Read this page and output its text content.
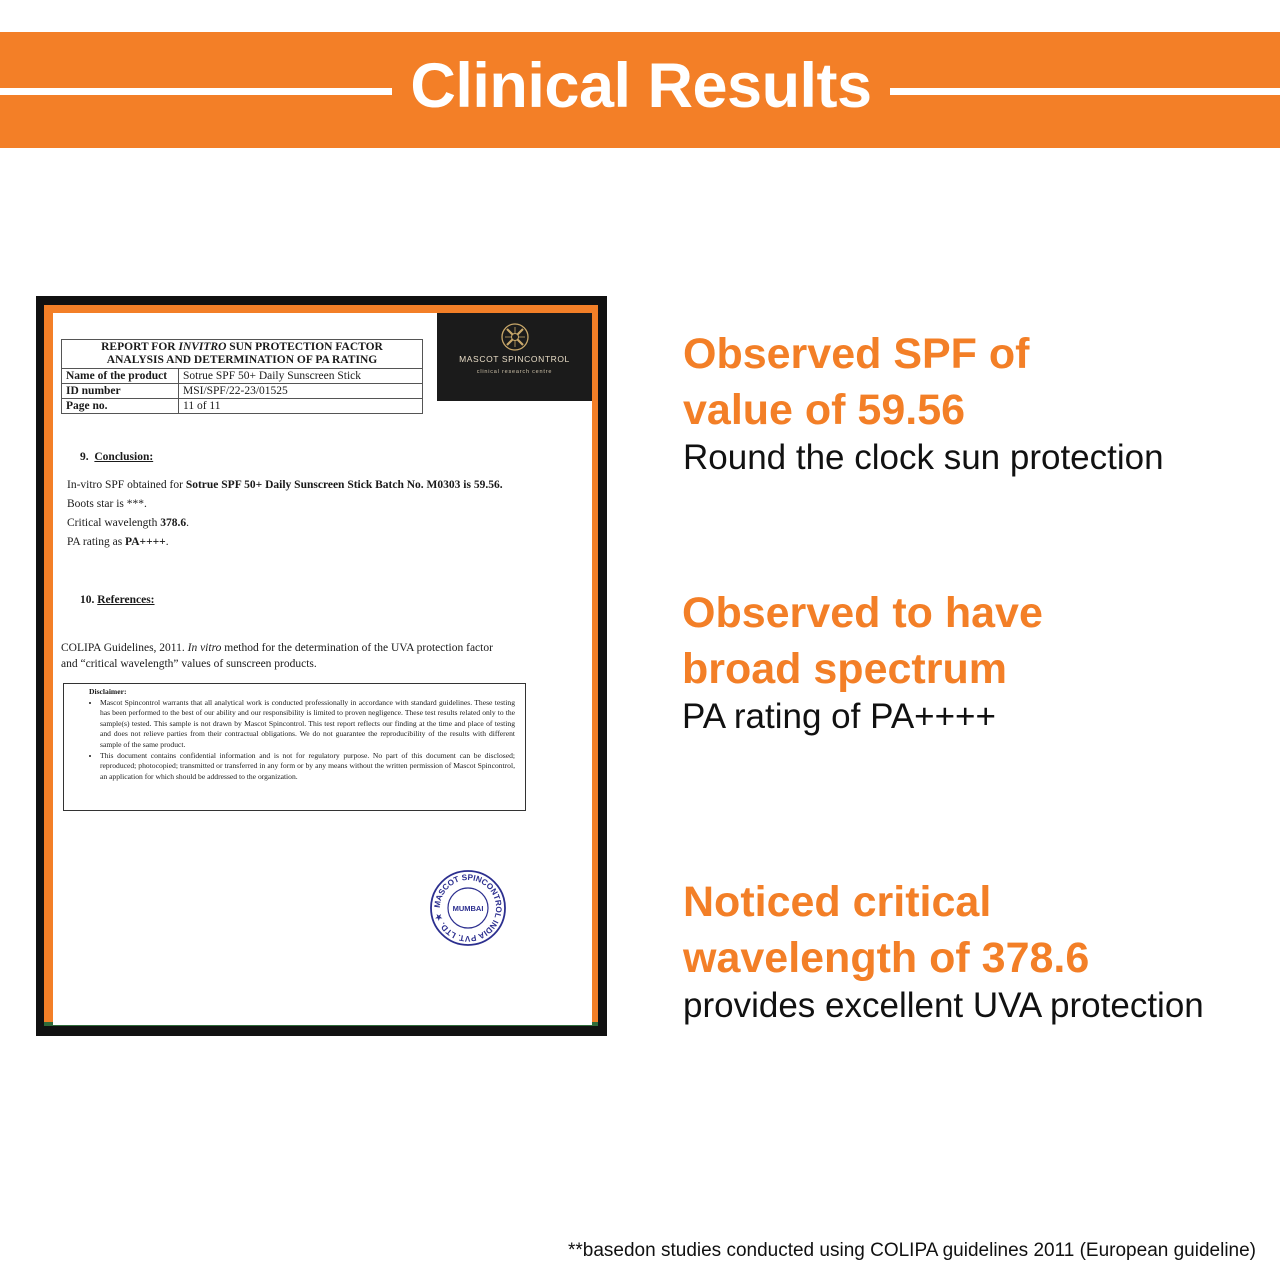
Clinical Results
REPORT FOR INVITRO SUN PROTECTION FACTOR
ANALYSIS AND DETERMINATION OF PA RATING	
Name of the product	Sotrue SPF 50+ Daily Sunscreen Stick
ID number	MSI/SPF/22-23/01525
Page no.	11 of 11
MASCOT SPINCONTROL
clinical research centre
9. Conclusion:
In-vitro SPF obtained for Sotrue SPF 50+ Daily Sunscreen Stick Batch No. M0303 is 59.56.
Boots star is ***.
Critical wavelength 378.6.
PA rating as PA++++.
10. References:
COLIPA Guidelines, 2011. In vitro method for the determination of the UVA protection factor
and “critical wavelength” values of sunscreen products.
Disclaimer:
• Mascot Spincontrol warrants that all analytical work is conducted professionally in accordance with standard guidelines. These testing has been performed to the best of our ability and our responsibility is limited to proven negligence. These test results related only to the sample(s) tested. This sample is not drawn by Mascot Spincontrol. This test report reflects our finding at the time and place of testing and does not relieve parties from their contractual obligations. We do not guarantee the reproducibility of the results with different sample of the same product.
• This document contains confidential information and is not for regulatory purpose. No part of this document can be disclosed; reproduced; photocopied; transmitted or transferred in any form or by any means without the written permission of Mascot Spincontrol, an application for which should be addressed to the organization.
MASCOT SPINCONTROL INDIA PVT. LTD. ★
MUMBAI
Observed SPF of
value of 59.56
Round the clock sun protection
Observed to have
broad spectrum
PA rating of PA++++
Noticed critical
wavelength of 378.6
provides excellent UVA protection
**basedon studies conducted using COLIPA guidelines 2011 (European guideline)
